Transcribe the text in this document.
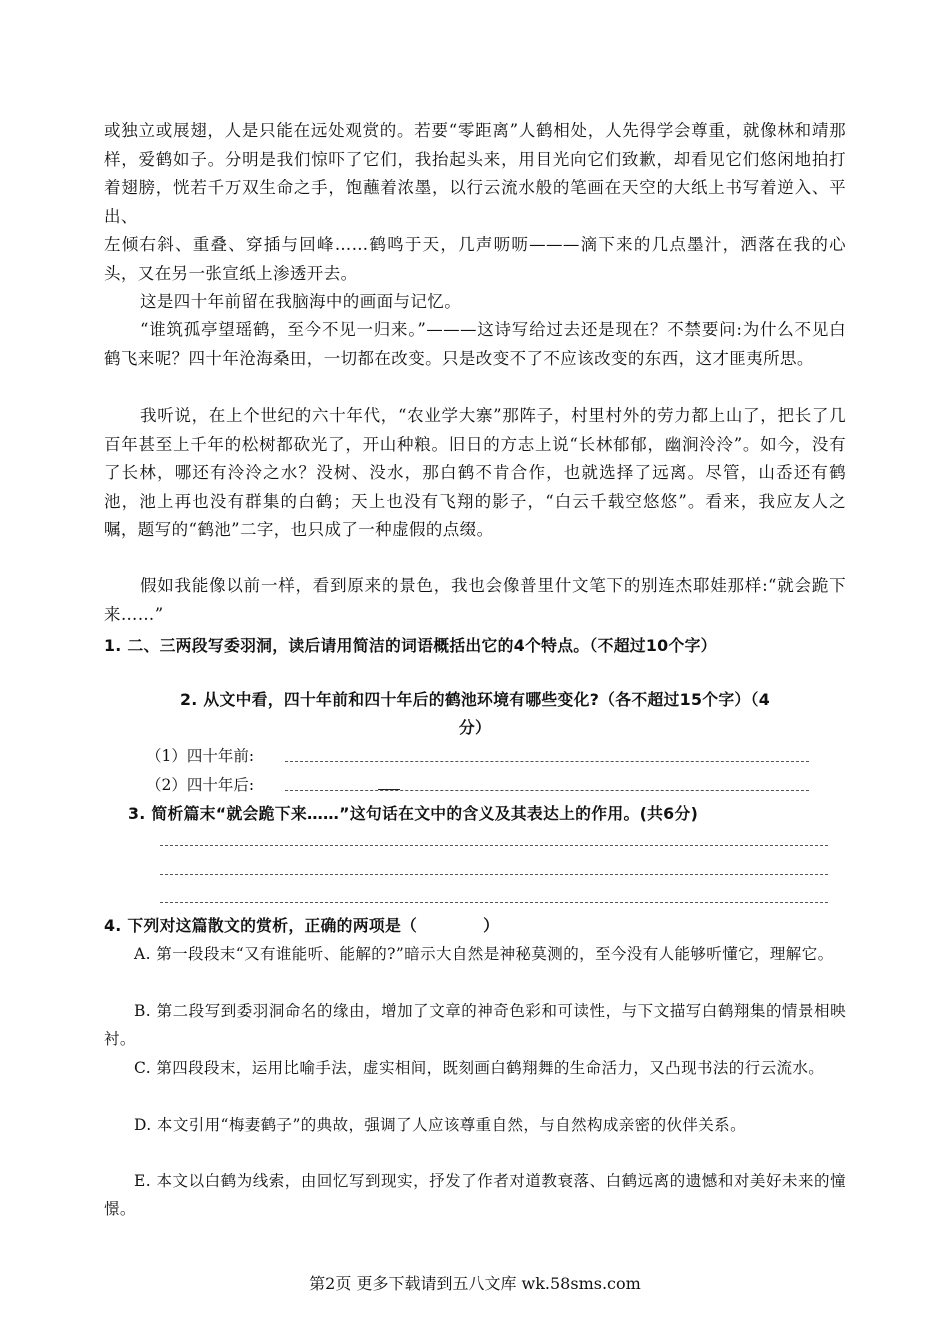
或独立或展翅，人是只能在远处观赏的。若要“零距离”人鹤相处，人先得学会尊重，就像林和靖那样，爱鹤如子。分明是我们惊吓了它们，我抬起头来，用目光向它们致歉，却看见它们悠闲地拍打着翅膀，恍若千万双生命之手，饱蘸着浓墨，以行云流水般的笔画在天空的大纸上书写着逆入、平出、

左倾右斜、重叠、穿插与回峰……鹤鸣于天，几声呖呖———滴下来的几点墨汁，洒落在我的心头，又在另一张宣纸上渗透开去。

这是四十年前留在我脑海中的画面与记忆。

“谁筑孤亭望瑶鹤，至今不见一归来。”———这诗写给过去还是现在？不禁要问:为什么不见白鹤飞来呢？四十年沧海桑田，一切都在改变。只是改变不了不应该改变的东西，这才匪夷所思。

我听说，在上个世纪的六十年代，“农业学大寨”那阵子，村里村外的劳力都上山了，把长了几百年甚至上千年的松树都砍光了，开山种粮。旧日的方志上说“长林郁郁，幽涧泠泠”。如今，没有了长林，哪还有泠泠之水？没树、没水，那白鹤不肯合作，也就选择了远离。尽管，山岙还有鹤池，池上再也没有群集的白鹤；天上也没有飞翔的影子，“白云千载空悠悠”。看来，我应友人之嘱，题写的“鹤池”二字，也只成了一种虚假的点缀。

假如我能像以前一样，看到原来的景色，我也会像普里什文笔下的别连杰耶娃那样:“就会跪下来……”

1. 二、三两段写委羽洞，读后请用简洁的词语概括出它的4个特点。（不超过10个字）

2. 从文中看，四十年前和四十年后的鹤池环境有哪些变化?（各不超过15个字）（4
分）

（1）四十年前:
（2）四十年后:

3. 简析篇末“就会跪下来……”这句话在文中的含义及其表达上的作用。(共6分)

4. 下列对这篇散文的赏析，正确的两项是（	）

A. 第一段段末“又有谁能听、能解的?”暗示大自然是神秘莫测的，至今没有人能够听懂它，理解它。

B. 第二段写到委羽洞命名的缘由，增加了文章的神奇色彩和可读性，与下文描写白鹤翔集的情景相映衬。

C. 第四段段末，运用比喻手法，虚实相间，既刻画白鹤翔舞的生命活力，又凸现书法的行云流水。

D. 本文引用“梅妻鹤子”的典故，强调了人应该尊重自然，与自然构成亲密的伙伴关系。

E. 本文以白鹤为线索，由回忆写到现实，抒发了作者对道教衰落、白鹤远离的遗憾和对美好未来的憧憬。

第2页 更多下载请到五八文库 wk.58sms.com
